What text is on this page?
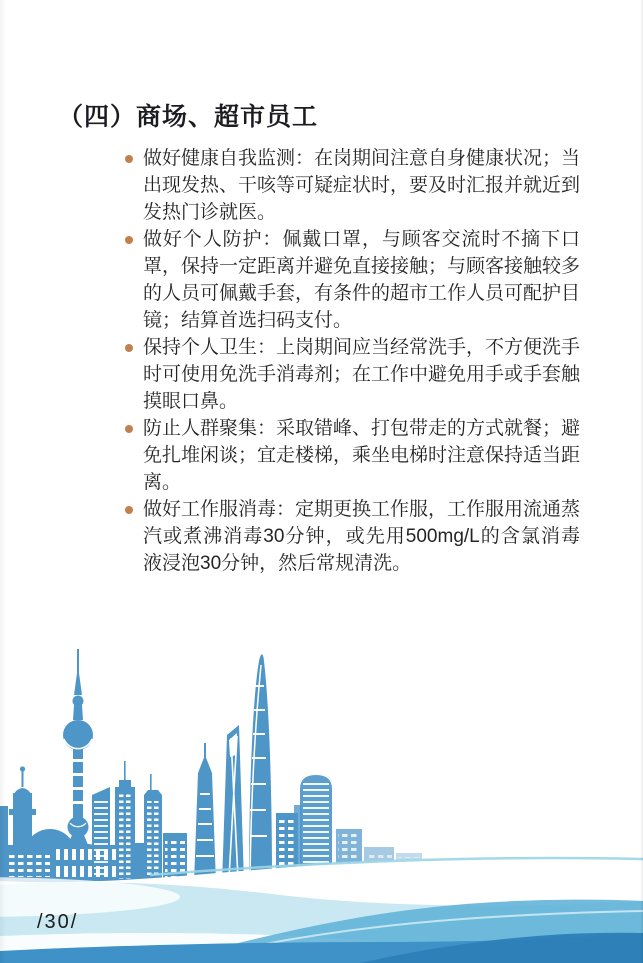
（四）商场、超市员工
做好健康自我监测：在岗期间注意自身健康状况；当出现发热、干咳等可疑症状时，要及时汇报并就近到发热门诊就医。
做好个人防护：佩戴口罩，与顾客交流时不摘下口罩，保持一定距离并避免直接接触；与顾客接触较多的人员可佩戴手套，有条件的超市工作人员可配护目镜；结算首选扫码支付。
保持个人卫生：上岗期间应当经常洗手，不方便洗手时可使用免洗手消毒剂；在工作中避免用手或手套触摸眼口鼻。
防止人群聚集：采取错峰、打包带走的方式就餐；避免扎堆闲谈；宜走楼梯，乘坐电梯时注意保持适当距离。
做好工作服消毒：定期更换工作服，工作服用流通蒸汽或煮沸消毒30分钟，或先用500mg/L的含氯消毒液浸泡30分钟，然后常规清洗。
/30/
